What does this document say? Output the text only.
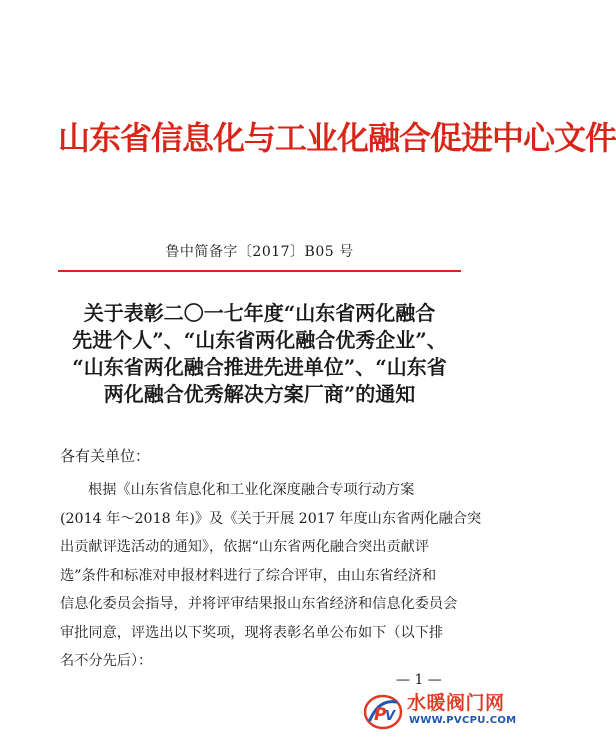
山东省信息化与工业化融合促进中心文件
鲁中简备字〔2017〕B05 号
关于表彰二〇一七年度“山东省两化融合
先进个人”、“山东省两化融合优秀企业”、
“山东省两化融合推进先进单位”、“山东省
两化融合优秀解决方案厂商”的通知
各有关单位：
根据《山东省信息化和工业化深度融合专项行动方案
(2014 年～2018 年)》及《关于开展 2017 年度山东省两化融合突
出贡献评选活动的通知》，依据“山东省两化融合突出贡献评
选”条件和标准对申报材料进行了综合评审，由山东省经济和
信息化委员会指导，并将评审结果报山东省经济和信息化委员会
审批同意，评选出以下奖项，现将表彰名单公布如下（以下排
名不分先后）：
— 1 —
P
V
水暖阀门网
WWW.PVCPU.COM
